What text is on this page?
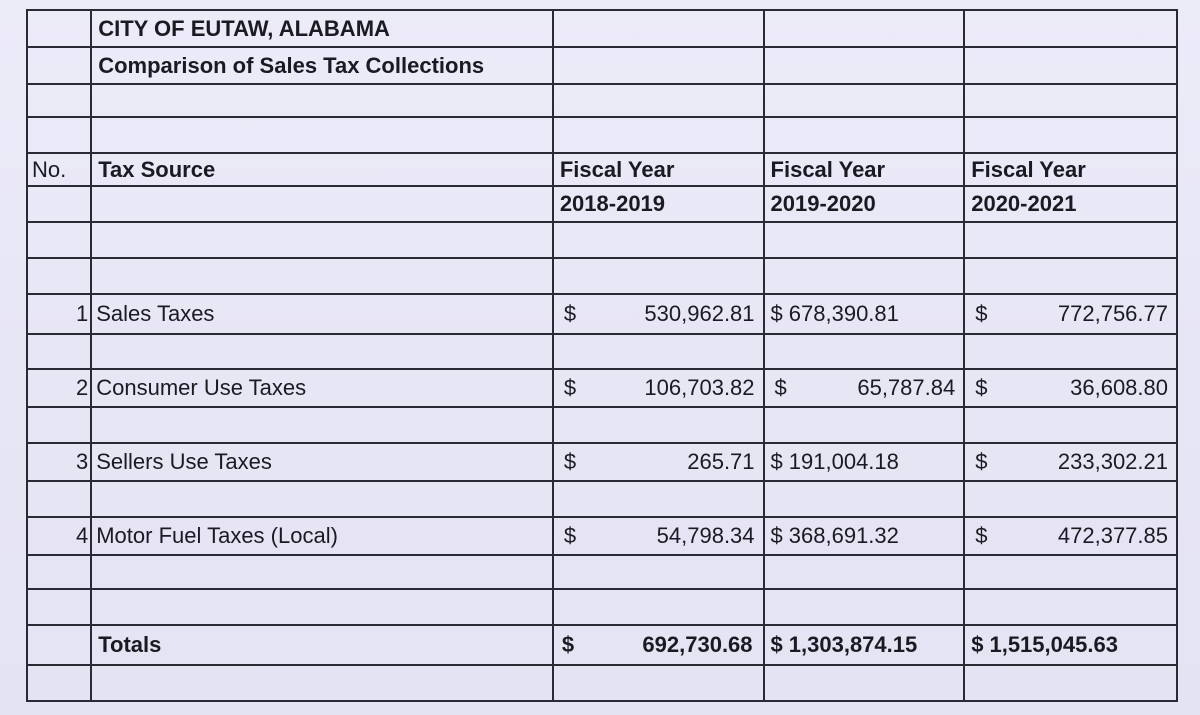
	CITY OF EUTAW, ALABAMA			
	Comparison of Sales Tax Collections			

No.	Tax Source	Fiscal Year	Fiscal Year	Fiscal Year
		2018-2019	2019-2020	2020-2021

1	Sales Taxes	$ 530,962.81	$ 678,390.81	$ 772,756.77

2	Consumer Use Taxes	$ 106,703.82	$ 65,787.84	$ 36,608.80

3	Sellers Use Taxes	$ 265.71	$ 191,004.18	$ 233,302.21

4	Motor Fuel Taxes (Local)	$ 54,798.34	$ 368,691.32	$ 472,377.85

	Totals	$ 692,730.68	$ 1,303,874.15	$ 1,515,045.63
